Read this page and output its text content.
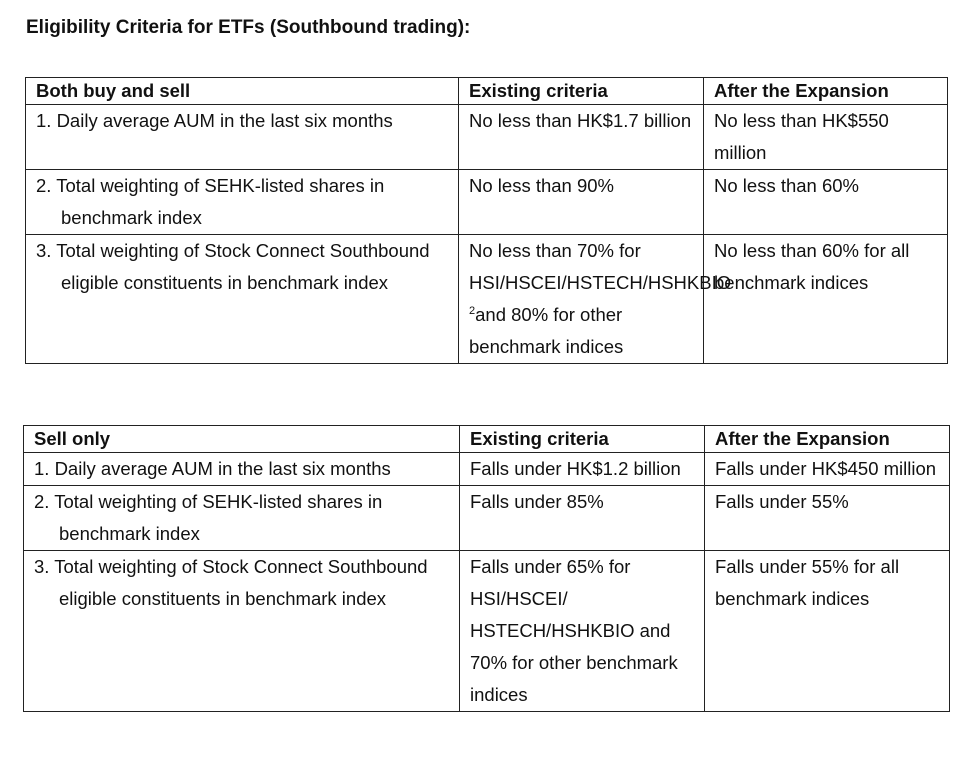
Eligibility Criteria for ETFs (Southbound trading):
Both buy and sell	Existing criteria	After the Expansion

1. Daily average AUM in the last six months	No less than HK$1.7 billion	No less than HK$550 million

2. Total weighting of SEHK-listed shares in benchmark index	No less than 90%	No less than 60%

3. Total weighting of Stock Connect Southbound eligible constituents in benchmark index	No less than 70% for HSI/HSCEI/HSTECH/HSHKBIO $^2$and 80% for other benchmark indices	No less than 60% for all benchmark indices
Sell only	Existing criteria	After the Expansion

1. Daily average AUM in the last six months	Falls under HK$1.2 billion	Falls under HK$450 million

2. Total weighting of SEHK-listed shares in benchmark index	Falls under 85%	Falls under 55%

3. Total weighting of Stock Connect Southbound eligible constituents in benchmark index	Falls under 65% for HSI/HSCEI/ HSTECH/HSHKBIO and 70% for other benchmark indices	Falls under 55% for all benchmark indices
